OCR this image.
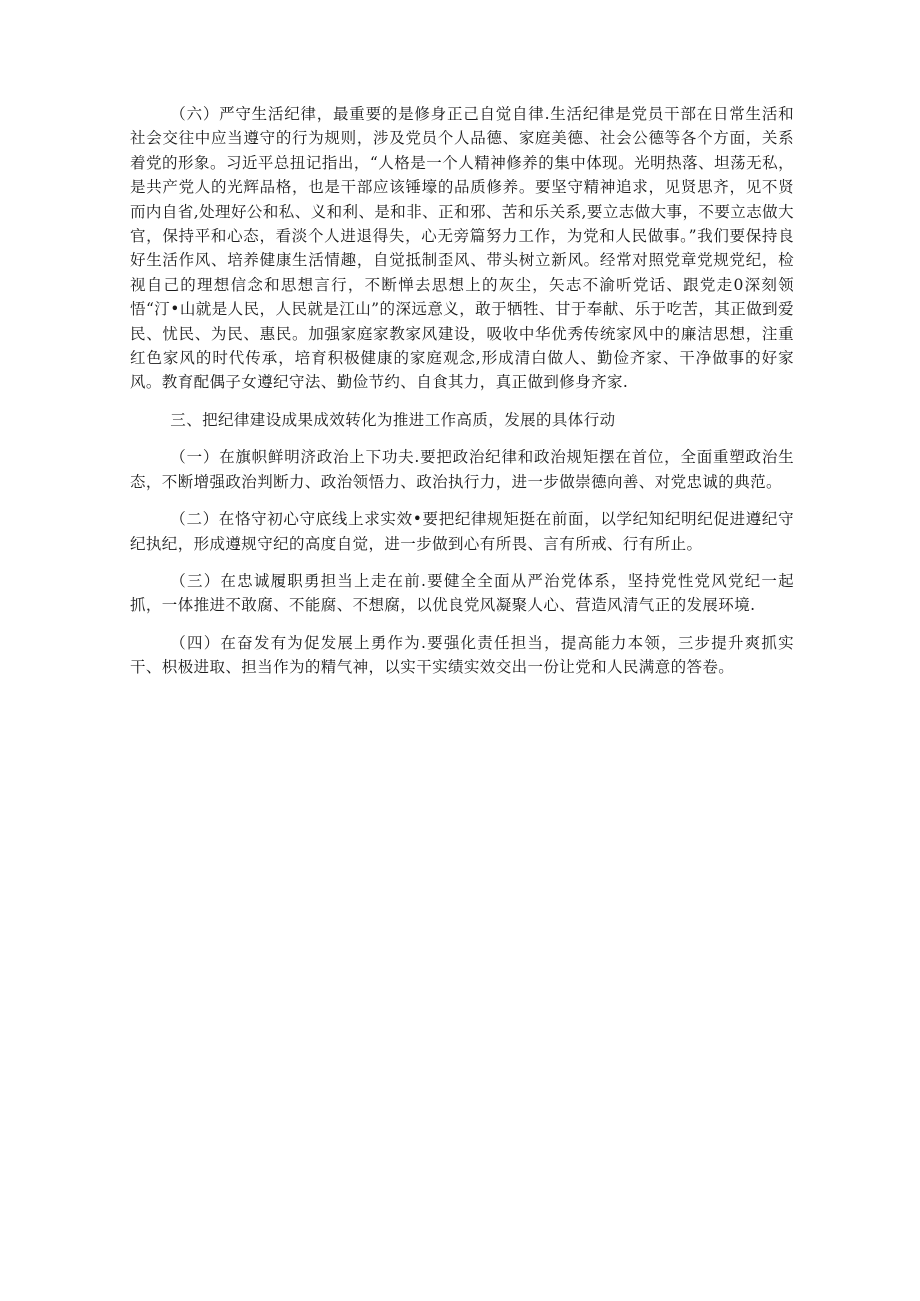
（六）严守生活纪律，最重要的是修身正己自觉自律.生活纪律是党员干部在日常生活和社会交往中应当遵守的行为规则，涉及党员个人品德、家庭美德、社会公德等各个方面，关系着党的形象。习近平总扭记指出，“人格是一个人精神修养的集中体现。光明热落、坦荡无私，是共产党人的光辉品格，也是干部应该锤壕的品质修养。要坚守精神追求，见贤思齐，见不贤而内自省,处理好公和私、义和利、是和非、正和邪、苦和乐关系,要立志做大事，不要立志做大官，保持平和心态，看淡个人进退得失，心无旁篇努力工作，为党和人民做事。”我们要保持良好生活作风、培养健康生活情趣，自觉抵制歪风、带头树立新风。经常对照党章党规党纪，检视自己的理想信念和思想言行，不断惮去思想上的灰尘，矢志不渝听党话、跟党走0深刻领悟“汀•山就是人民，人民就是江山”的深远意义，敢于牺牲、甘于奉献、乐于吃苦，其正做到爱民、忧民、为民、惠民。加强家庭家教家风建设，吸收中华优秀传统家风中的廉洁思想，注重红色家风的时代传承，培育积极健康的家庭观念,形成清白做人、勤俭齐家、干净做事的好家风。教育配偶子女遵纪守法、勤俭节约、自食其力，真正做到修身齐家.

三、把纪律建设成果成效转化为推进工作高质，发展的具体行动

（一）在旗帜鲜明济政治上下功夫.要把政治纪律和政治规矩摆在首位，全面重塑政治生态，不断增强政治判断力、政治领悟力、政治执行力，进一步做崇德向善、对党忠诚的典范。

（二）在恪守初心守底线上求实效•要把纪律规矩挺在前面，以学纪知纪明纪促进遵纪守纪执纪，形成遵规守纪的高度自觉，进一步做到心有所畏、言有所戒、行有所止。

（三）在忠诚履职勇担当上走在前.要健全全面从严治党体系，坚持党性党风党纪一起抓，一体推进不敢腐、不能腐、不想腐，以优良党风凝聚人心、营造风清气正的发展环境.

（四）在奋发有为促发展上勇作为.要强化责任担当，提高能力本领，三步提升爽抓实干、枳极进取、担当作为的精气神，以实干实绩实效交出一份让党和人民满意的答卷。
